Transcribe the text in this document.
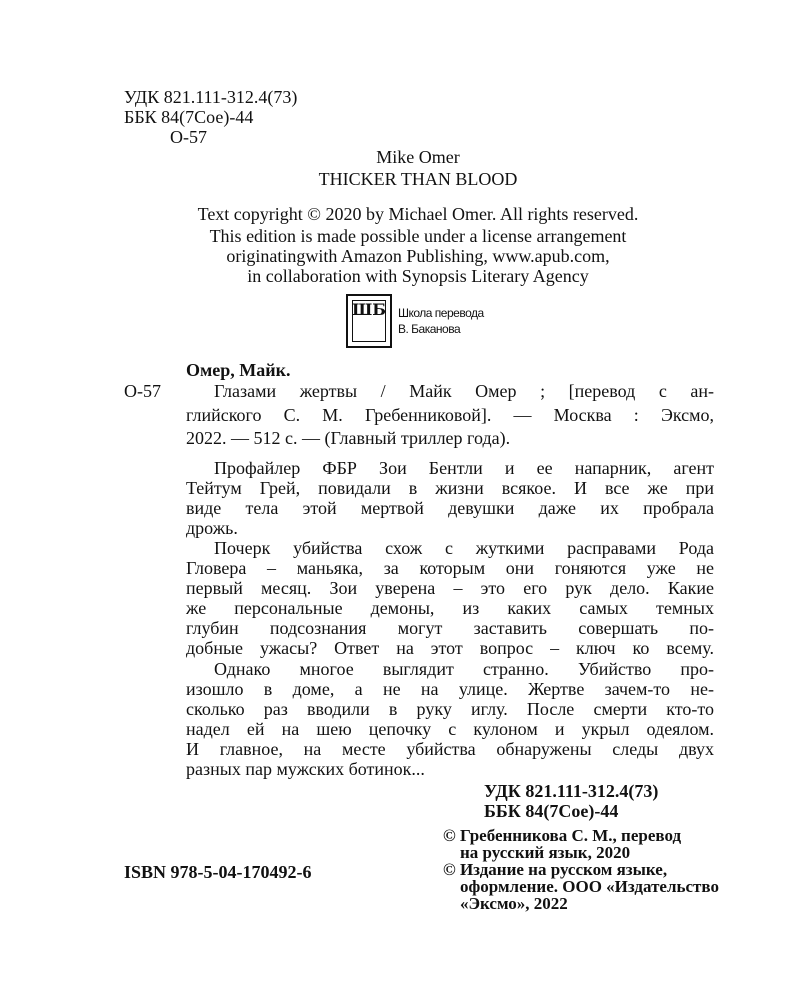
УДК 821.111-312.4(73)

ББК 84(7Сое)-44

О-57

Mike Omer

THICKER THAN BLOOD

Text copyright © 2020 by Michael Omer. All rights reserved.

This edition is made possible under a license arrangement

originatingwith Amazon Publishing, www.apub.com,

in collaboration with Synopsis Literary Agency

ШБ	Школа перевода

В. Баканова

Омер, Майк.

О-57	Глазами жертвы / Майк Омер ; [перевод с ан-

глийского С. М. Гребенниковой]. — Москва : Эксмо,

2022. — 512 с. — (Главный триллер года).

Профайлер ФБР Зои Бентли и ее напарник, агент

Тейтум Грей, повидали в жизни всякое. И все же при

виде тела этой мертвой девушки даже их пробрала

дрожь.

Почерк убийства схож с жуткими расправами Рода

Гловера – маньяка, за которым они гоняются уже не

первый месяц. Зои уверена – это его рук дело. Какие

же персональные демоны, из каких самых темных

глубин подсознания могут заставить совершать по-

добные ужасы? Ответ на этот вопрос – ключ ко всему.

Однако многое выглядит странно. Убийство про-

изошло в доме, а не на улице. Жертве зачем-то не-

сколько раз вводили в руку иглу. После смерти кто-то

надел ей на шею цепочку с кулоном и укрыл одеялом.

И главное, на месте убийства обнаружены следы двух

разных пар мужских ботинок...

УДК 821.111-312.4(73)

ББК 84(7Сое)-44

ISBN 978-5-04-170492-6

© Гребенникова С. М., перевод

на русский язык, 2020

© Издание на русском языке,

оформление. ООО «Издательство

«Эксмо», 2022
